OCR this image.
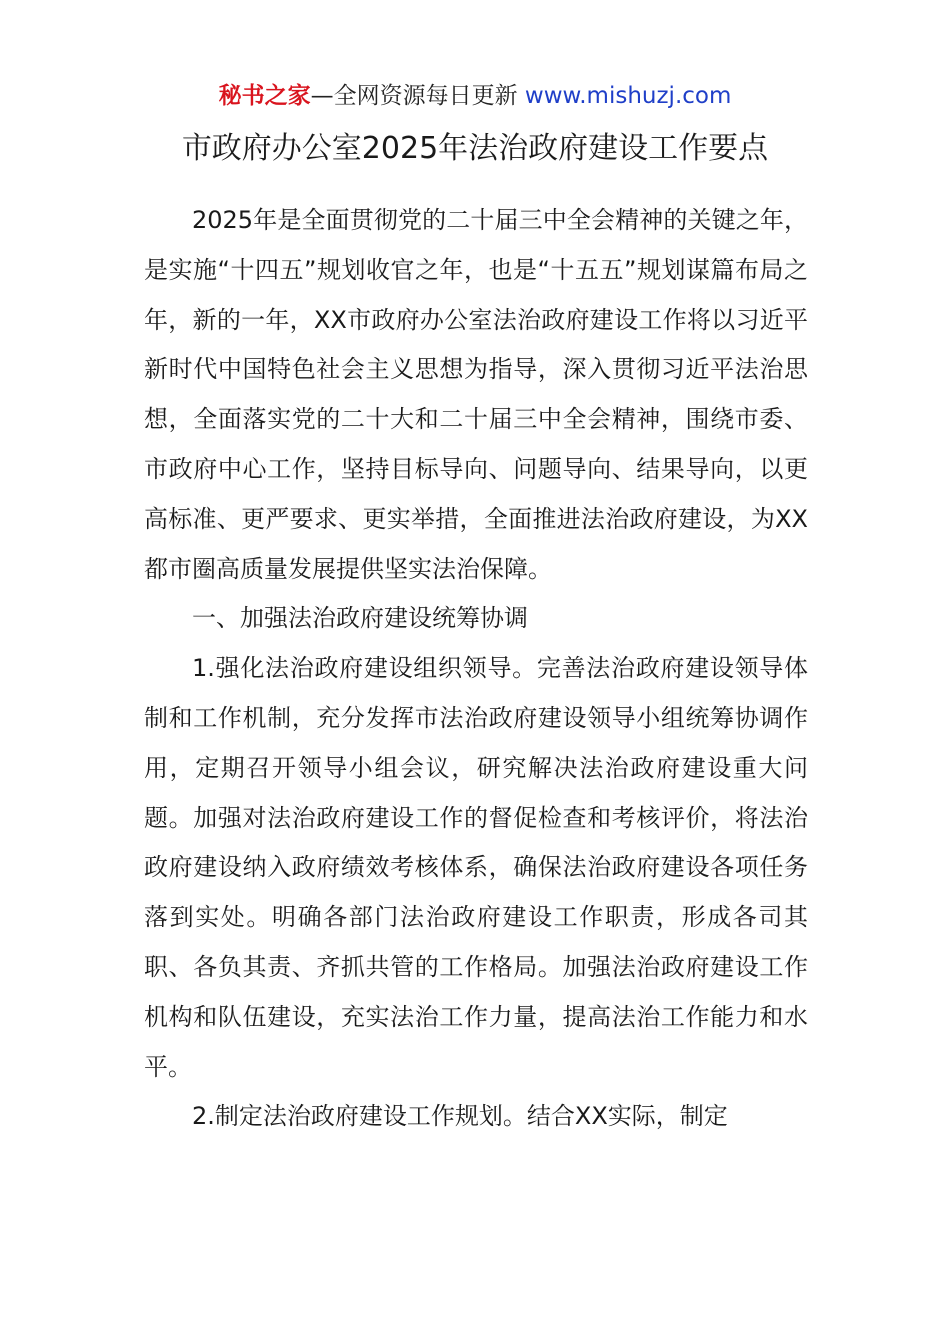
秘书之家—全网资源每日更新 www.mishuzj.com
市政府办公室2025年法治政府建设工作要点

2025年是全面贯彻党的二十届三中全会精神的关键之年，是实施“十四五”规划收官之年，也是“十五五”规划谋篇布局之年，新的一年，XX市政府办公室法治政府建设工作将以习近平新时代中国特色社会主义思想为指导，深入贯彻习近平法治思想，全面落实党的二十大和二十届三中全会精神，围绕市委、市政府中心工作，坚持目标导向、问题导向、结果导向，以更高标准、更严要求、更实举措，全面推进法治政府建设，为XX都市圈高质量发展提供坚实法治保障。

一、加强法治政府建设统筹协调

1.强化法治政府建设组织领导。完善法治政府建设领导体制和工作机制，充分发挥市法治政府建设领导小组统筹协调作用，定期召开领导小组会议，研究解决法治政府建设重大问题。加强对法治政府建设工作的督促检查和考核评价，将法治政府建设纳入政府绩效考核体系，确保法治政府建设各项任务落到实处。明确各部门法治政府建设工作职责，形成各司其职、各负其责、齐抓共管的工作格局。加强法治政府建设工作机构和队伍建设，充实法治工作力量，提高法治工作能力和水平。

2.制定法治政府建设工作规划。结合XX实际，制定
